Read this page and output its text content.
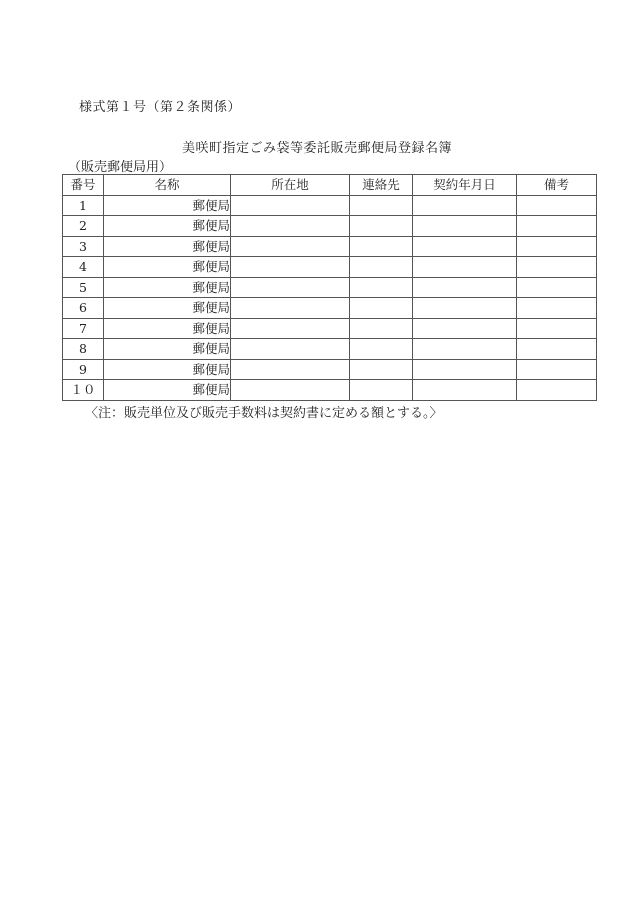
様式第１号（第２条関係）
美咲町指定ごみ袋等委託販売郵便局登録名簿
（販売郵便局用）
番号	名称	所在地	連絡先	契約年月日	備考
1	郵便局				
2	郵便局				
3	郵便局				
4	郵便局				
5	郵便局				
6	郵便局				
7	郵便局				
8	郵便局				
9	郵便局				
１０	郵便局				
〈注：販売単位及び販売手数料は契約書に定める額とする。〉
